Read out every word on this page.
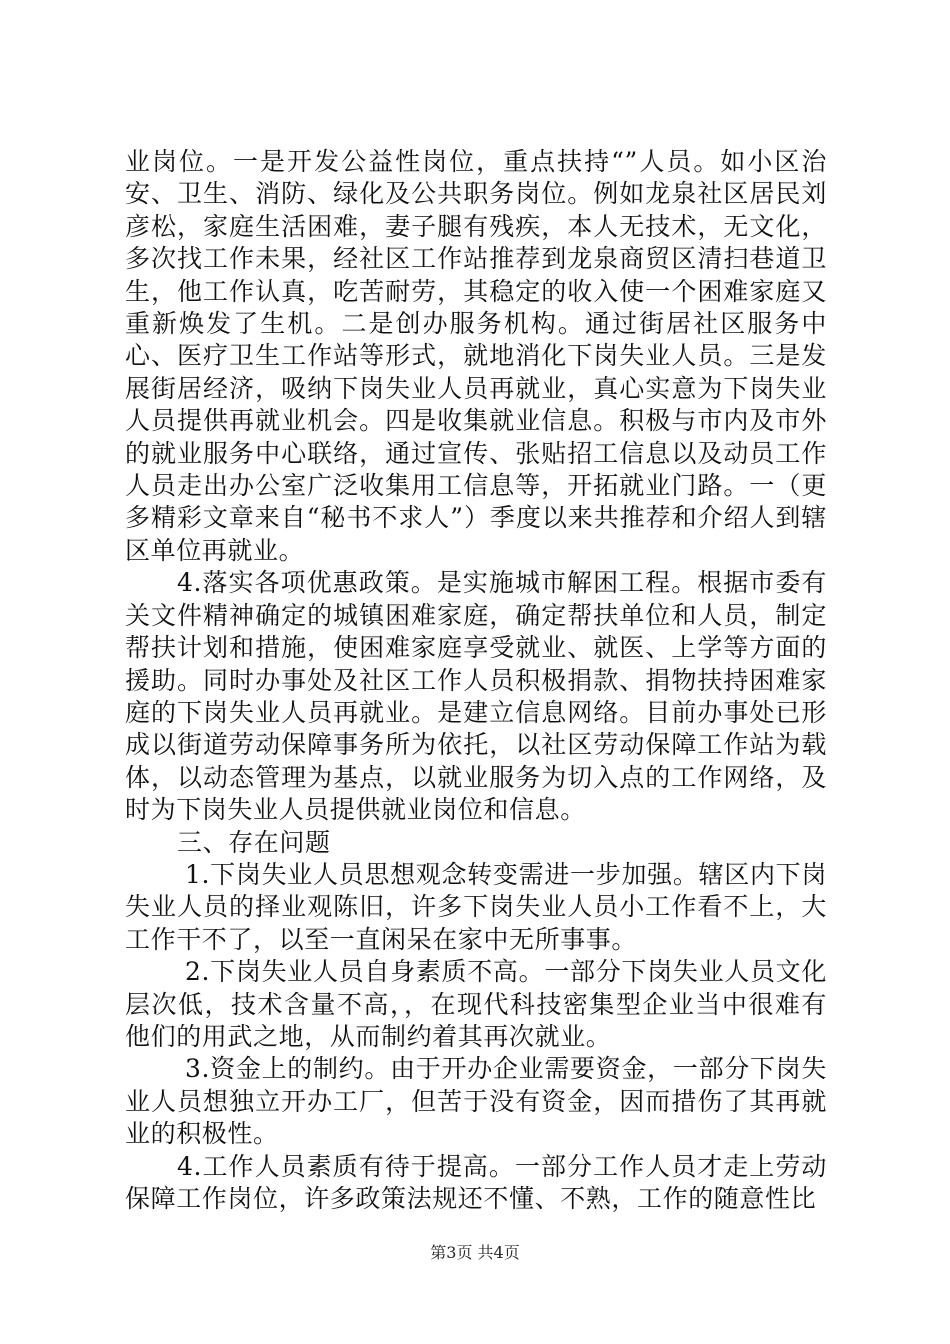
业岗位。一是开发公益性岗位，重点扶持“”人员。如小区治安、卫生、消防、绿化及公共职务岗位。例如龙泉社区居民刘彦松，家庭生活困难，妻子腿有残疾，本人无技术，无文化，多次找工作未果，经社区工作站推荐到龙泉商贸区清扫巷道卫生，他工作认真，吃苦耐劳，其稳定的收入使一个困难家庭又重新焕发了生机。二是创办服务机构。通过街居社区服务中心、医疗卫生工作站等形式，就地消化下岗失业人员。三是发展街居经济，吸纳下岗失业人员再就业，真心实意为下岗失业人员提供再就业机会。四是收集就业信息。积极与市内及市外的就业服务中心联络，通过宣传、张贴招工信息以及动员工作人员走出办公室广泛收集用工信息等，开拓就业门路。一（更多精彩文章来自“秘书不求人”）季度以来共推荐和介绍人到辖区单位再就业。

4.落实各项优惠政策。是实施城市解困工程。根据市委有关文件精神确定的城镇困难家庭，确定帮扶单位和人员，制定帮扶计划和措施，使困难家庭享受就业、就医、上学等方面的援助。同时办事处及社区工作人员积极捐款、捐物扶持困难家庭的下岗失业人员再就业。是建立信息网络。目前办事处已形成以街道劳动保障事务所为依托，以社区劳动保障工作站为载体，以动态管理为基点，以就业服务为切入点的工作网络，及时为下岗失业人员提供就业岗位和信息。

三、存在问题

1.下岗失业人员思想观念转变需进一步加强。辖区内下岗失业人员的择业观陈旧，许多下岗失业人员小工作看不上，大工作干不了，以至一直闲呆在家中无所事事。

2.下岗失业人员自身素质不高。一部分下岗失业人员文化层次低，技术含量不高，，在现代科技密集型企业当中很难有他们的用武之地，从而制约着其再次就业。

3.资金上的制约。由于开办企业需要资金，一部分下岗失业人员想独立开办工厂，但苦于没有资金，因而措伤了其再就业的积极性。

4.工作人员素质有待于提高。一部分工作人员才走上劳动保障工作岗位，许多政策法规还不懂、不熟，工作的随意性比

第3页 共4页
